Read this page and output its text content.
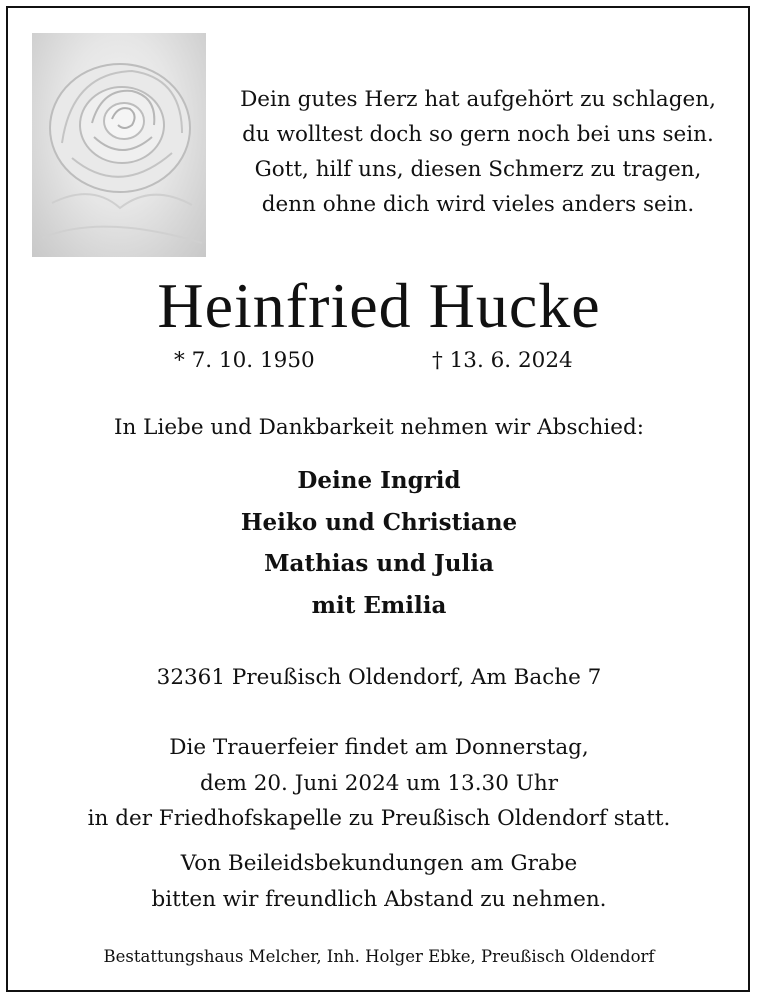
Dein gutes Herz hat aufgehört zu schlagen,
du wolltest doch so gern noch bei uns sein.
Gott, hilf uns, diesen Schmerz zu tragen,
denn ohne dich wird vieles anders sein.
Heinfried Hucke
* 7. 10. 1950	† 13. 6. 2024
In Liebe und Dankbarkeit nehmen wir Abschied:
Deine Ingrid
Heiko und Christiane
Mathias und Julia
mit Emilia
32361 Preußisch Oldendorf, Am Bache 7
Die Trauerfeier findet am Donnerstag,
dem 20. Juni 2024 um 13.30 Uhr
in der Friedhofskapelle zu Preußisch Oldendorf statt.
Von Beileidsbekundungen am Grabe
bitten wir freundlich Abstand zu nehmen.
Bestattungshaus Melcher, Inh. Holger Ebke, Preußisch Oldendorf
